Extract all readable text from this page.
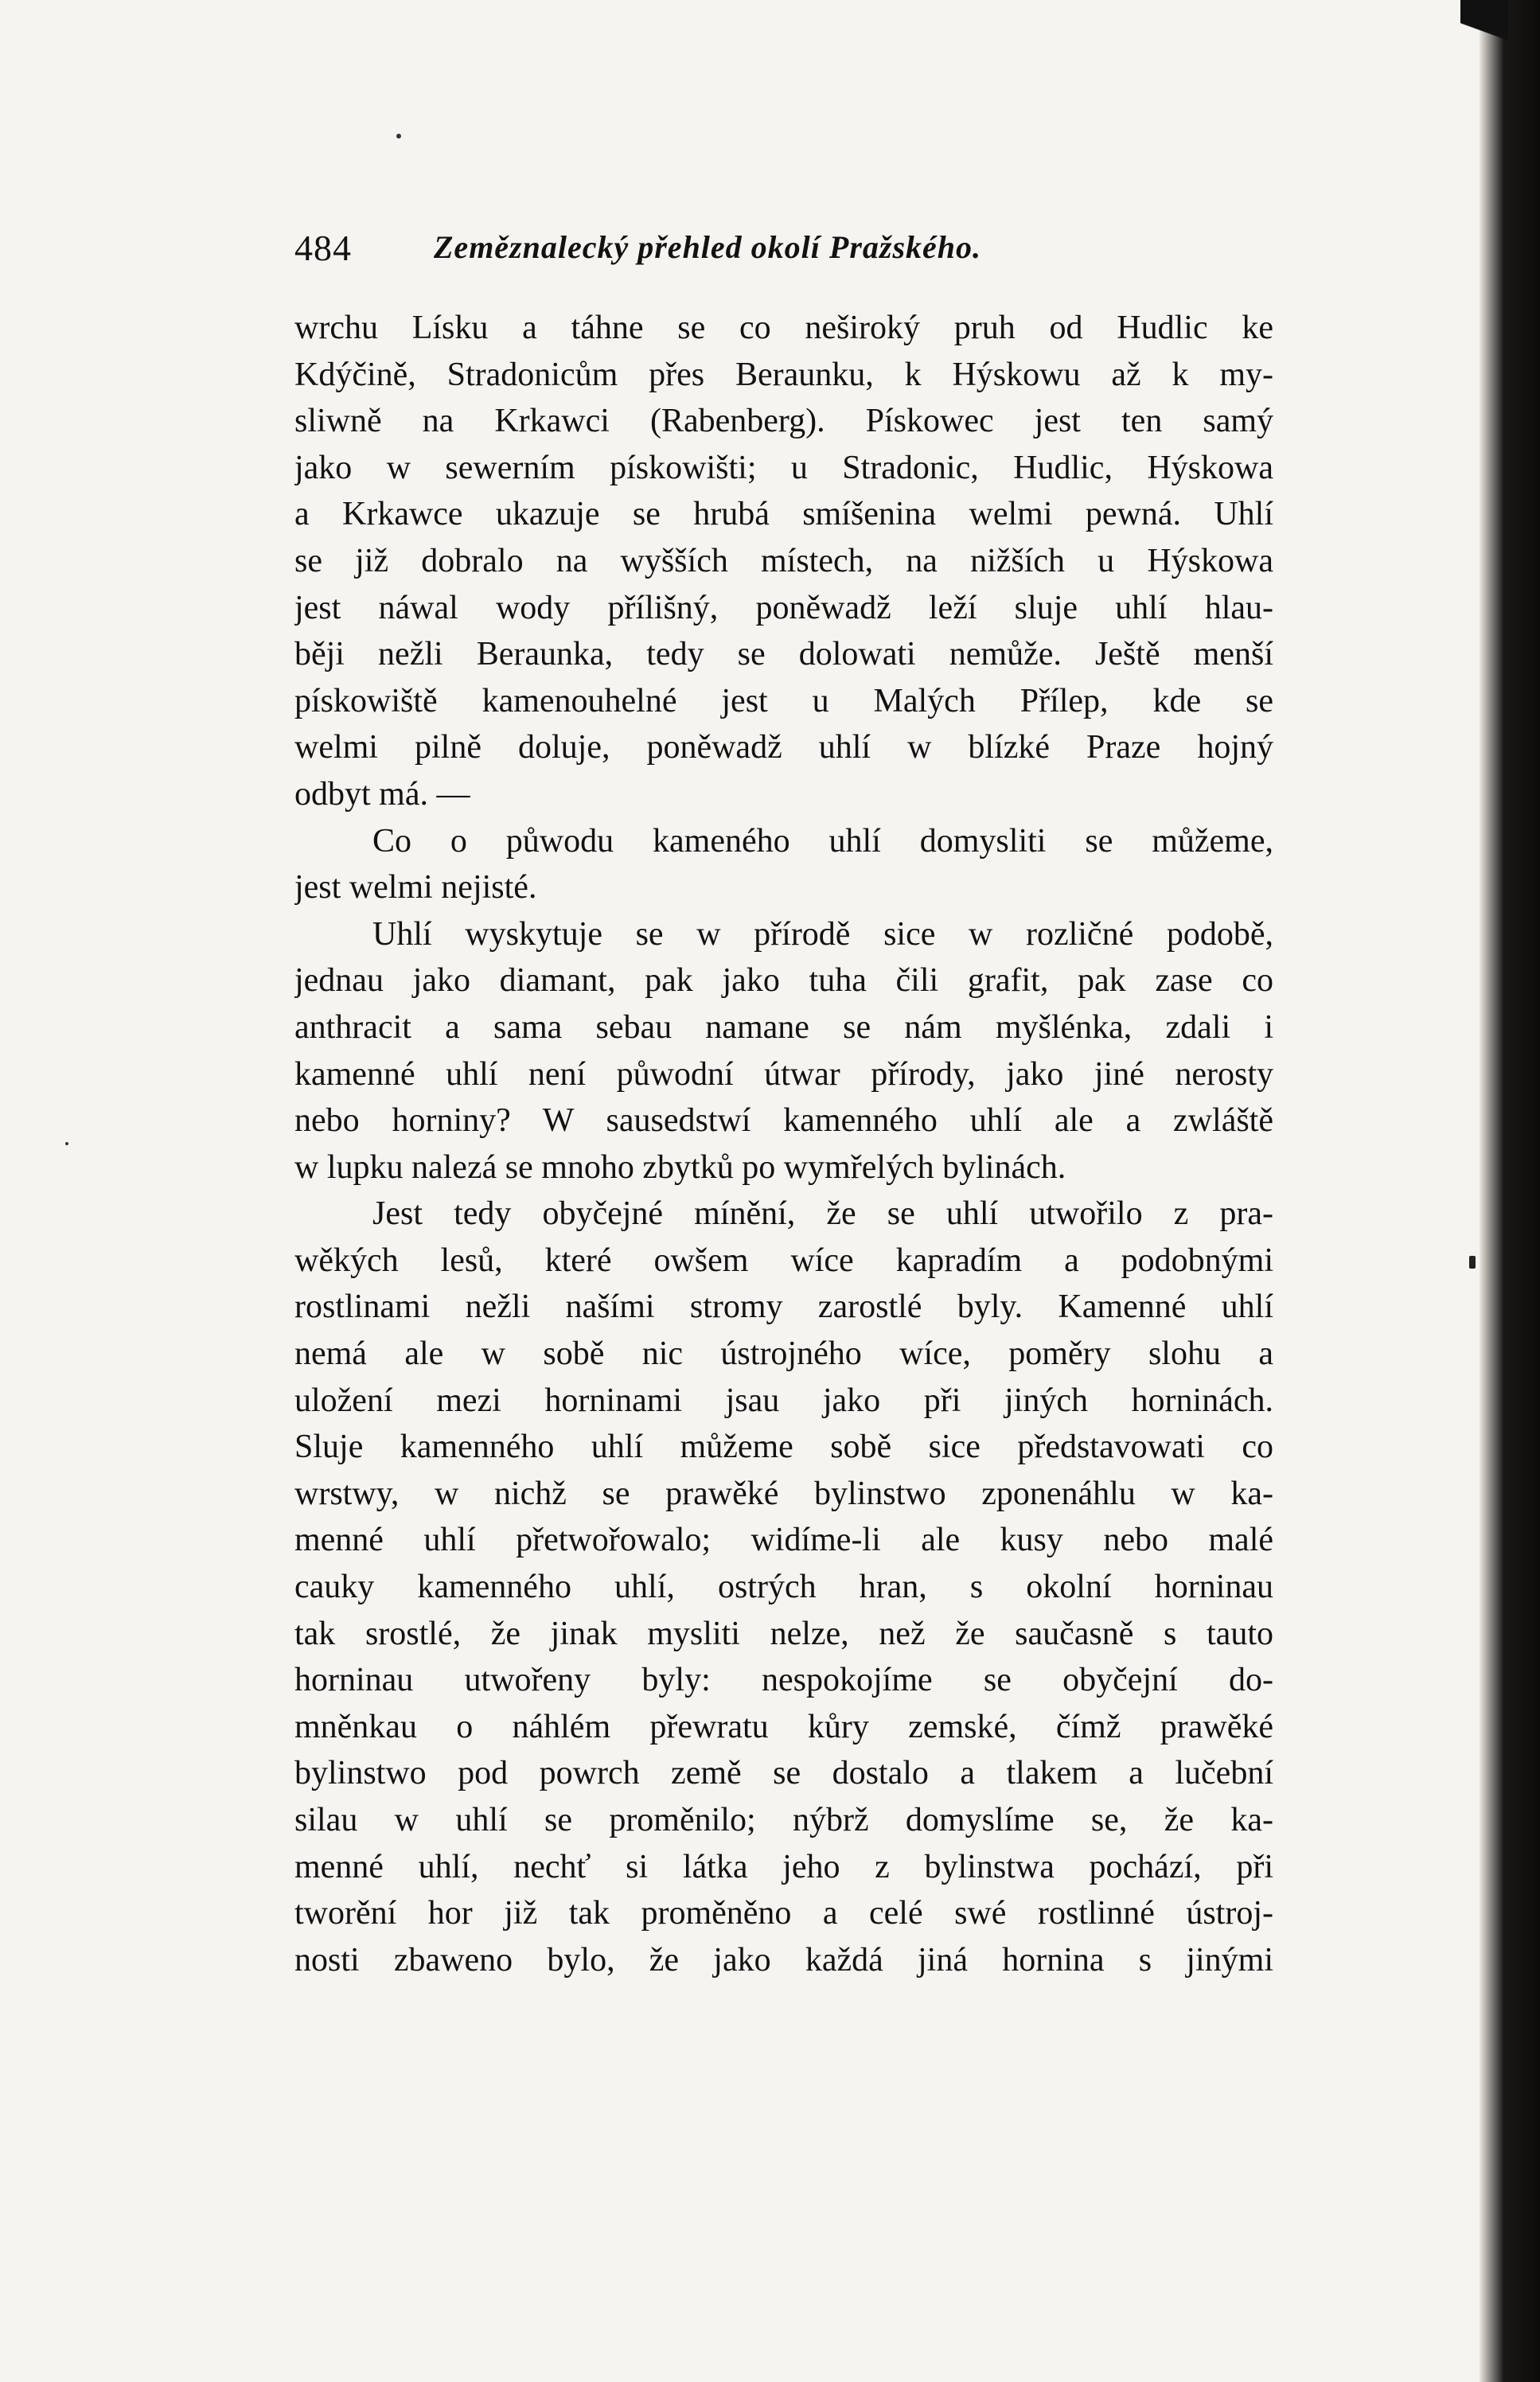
484	Zeměznalecký přehled okolí Pražského.
wrchu Lísku a táhne se co neširoký pruh od Hudlic ke
Kdýčině, Stradonicům přes Beraunku, k Hýskowu až k my-
sliwně na Krkawci (Rabenberg). Pískowec jest ten samý
jako w sewerním pískowišti; u Stradonic, Hudlic, Hýskowa
a Krkawce ukazuje se hrubá smíšenina welmi pewná. Uhlí
se již dobralo na wyšších místech, na nižších u Hýskowa
jest náwal wody přílišný, poněwadž leží sluje uhlí hlau-
běji nežli Beraunka, tedy se dolowati nemůže. Ještě menší
pískowiště kamenouhelné jest u Malých Přílep, kde se
welmi pilně doluje, poněwadž uhlí w blízké Praze hojný
odbyt má. —
Co o půwodu kameného uhlí domysliti se můžeme,
jest welmi nejisté.
Uhlí wyskytuje se w přírodě sice w rozličné podobě,
jednau jako diamant, pak jako tuha čili grafit, pak zase co
anthracit a sama sebau namane se nám myšlénka, zdali i
kamenné uhlí není půwodní útwar přírody, jako jiné nerosty
nebo horniny? W sausedstwí kamenného uhlí ale a zwláště
w lupku nalezá se mnoho zbytků po wymřelých bylinách.
Jest tedy obyčejné mínění, že se uhlí utwořilo z pra-
wěkých lesů, které owšem wíce kapradím a podobnými
rostlinami nežli našími stromy zarostlé byly. Kamenné uhlí
nemá ale w sobě nic ústrojného wíce, poměry slohu a
uložení mezi horninami jsau jako při jiných horninách.
Sluje kamenného uhlí můžeme sobě sice představowati co
wrstwy, w nichž se prawěké bylinstwo zponenáhlu w ka-
menné uhlí přetwořowalo; widíme-li ale kusy nebo malé
cauky kamenného uhlí, ostrých hran, s okolní horninau
tak srostlé, že jinak mysliti nelze, než že saučasně s tauto
horninau utwořeny byly: nespokojíme se obyčejní do-
mněnkau o náhlém přewratu kůry zemské, čímž prawěké
bylinstwo pod powrch země se dostalo a tlakem a lučební
silau w uhlí se proměnilo; nýbrž domyslíme se, že ka-
menné uhlí, nechť si látka jeho z bylinstwa pochází, při
tworění hor již tak proměněno a celé swé rostlinné ústroj-
nosti zbaweno bylo, že jako každá jiná hornina s jinými
